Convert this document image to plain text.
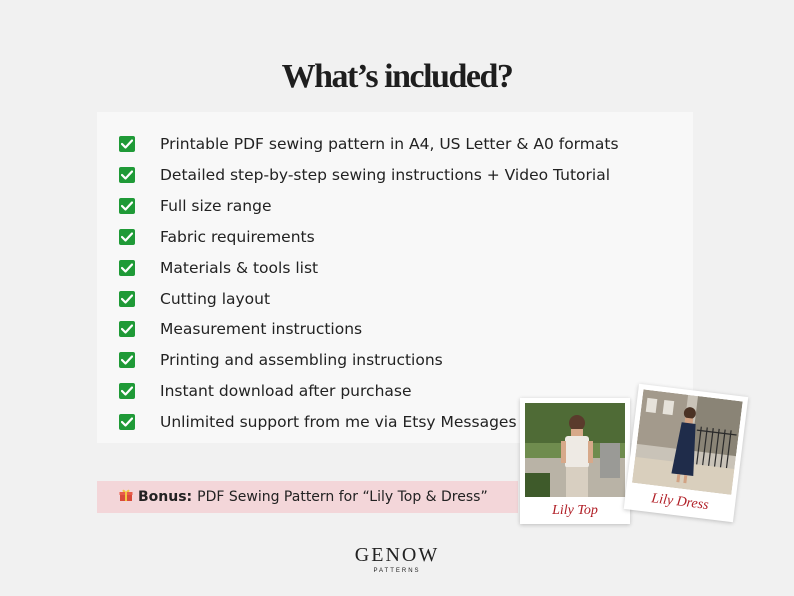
What’s included?
Printable PDF sewing pattern in A4, US Letter & A0 formats
Detailed step-by-step sewing instructions + Video Tutorial
Full size range
Fabric requirements
Materials & tools list
Cutting layout
Measurement instructions
Printing and assembling instructions
Instant download after purchase
Unlimited support from me via Etsy Messages
Bonus: PDF Sewing Pattern for “Lily Top & Dress”
Lily Top	Lily Dress
GENOW
PATTERNS
